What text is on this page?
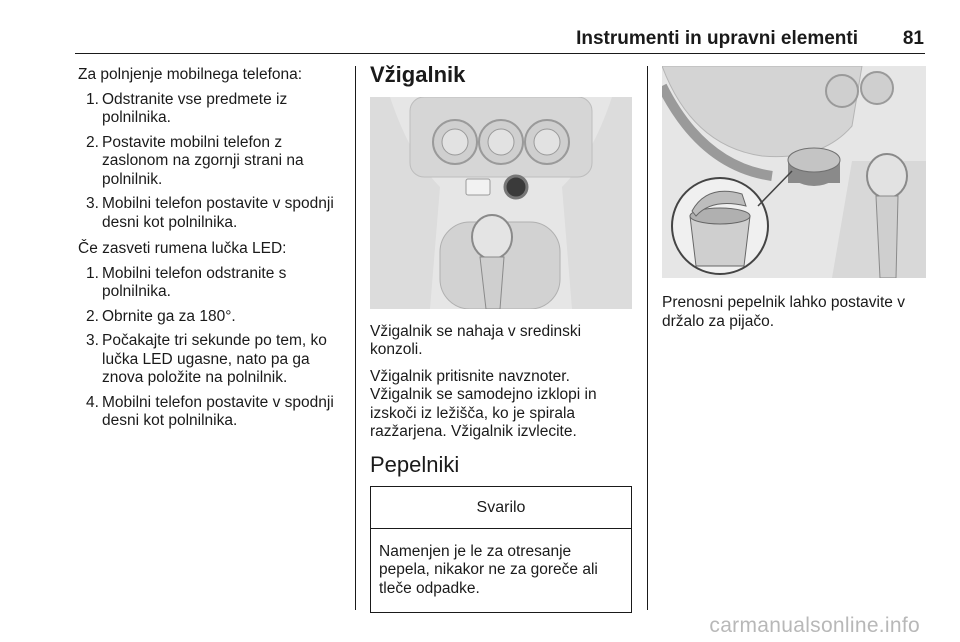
Instrumenti in upravni elementi	81

Za polnjenje mobilnega telefona:

1. Odstranite vse predmete iz polnilnika.
2. Postavite mobilni telefon z zaslonom na zgornji strani na polnilnik.
3. Mobilni telefon postavite v spodnji desni kot polnilnika.

Če zasveti rumena lučka LED:

1. Mobilni telefon odstranite s polnilnika.
2. Obrnite ga za 180°.
3. Počakajte tri sekunde po tem, ko lučka LED ugasne, nato pa ga znova položite na polnilnik.
4. Mobilni telefon postavite v spodnji desni kot polnilnika.
Vžigalnik

Vžigalnik se nahaja v sredinski konzoli.

Vžigalnik pritisnite navznoter. Vžigalnik se samodejno izklopi in izskoči iz ležišča, ko je spirala razžarjena. Vžigalnik izvlecite.

Pepelniki
Svarilo
Namenjen je le za otresanje pepela, nikakor ne za goreče ali tleče odpadke.

Prenosni pepelnik lahko postavite v držalo za pijačo.

carmanualsonline.info
